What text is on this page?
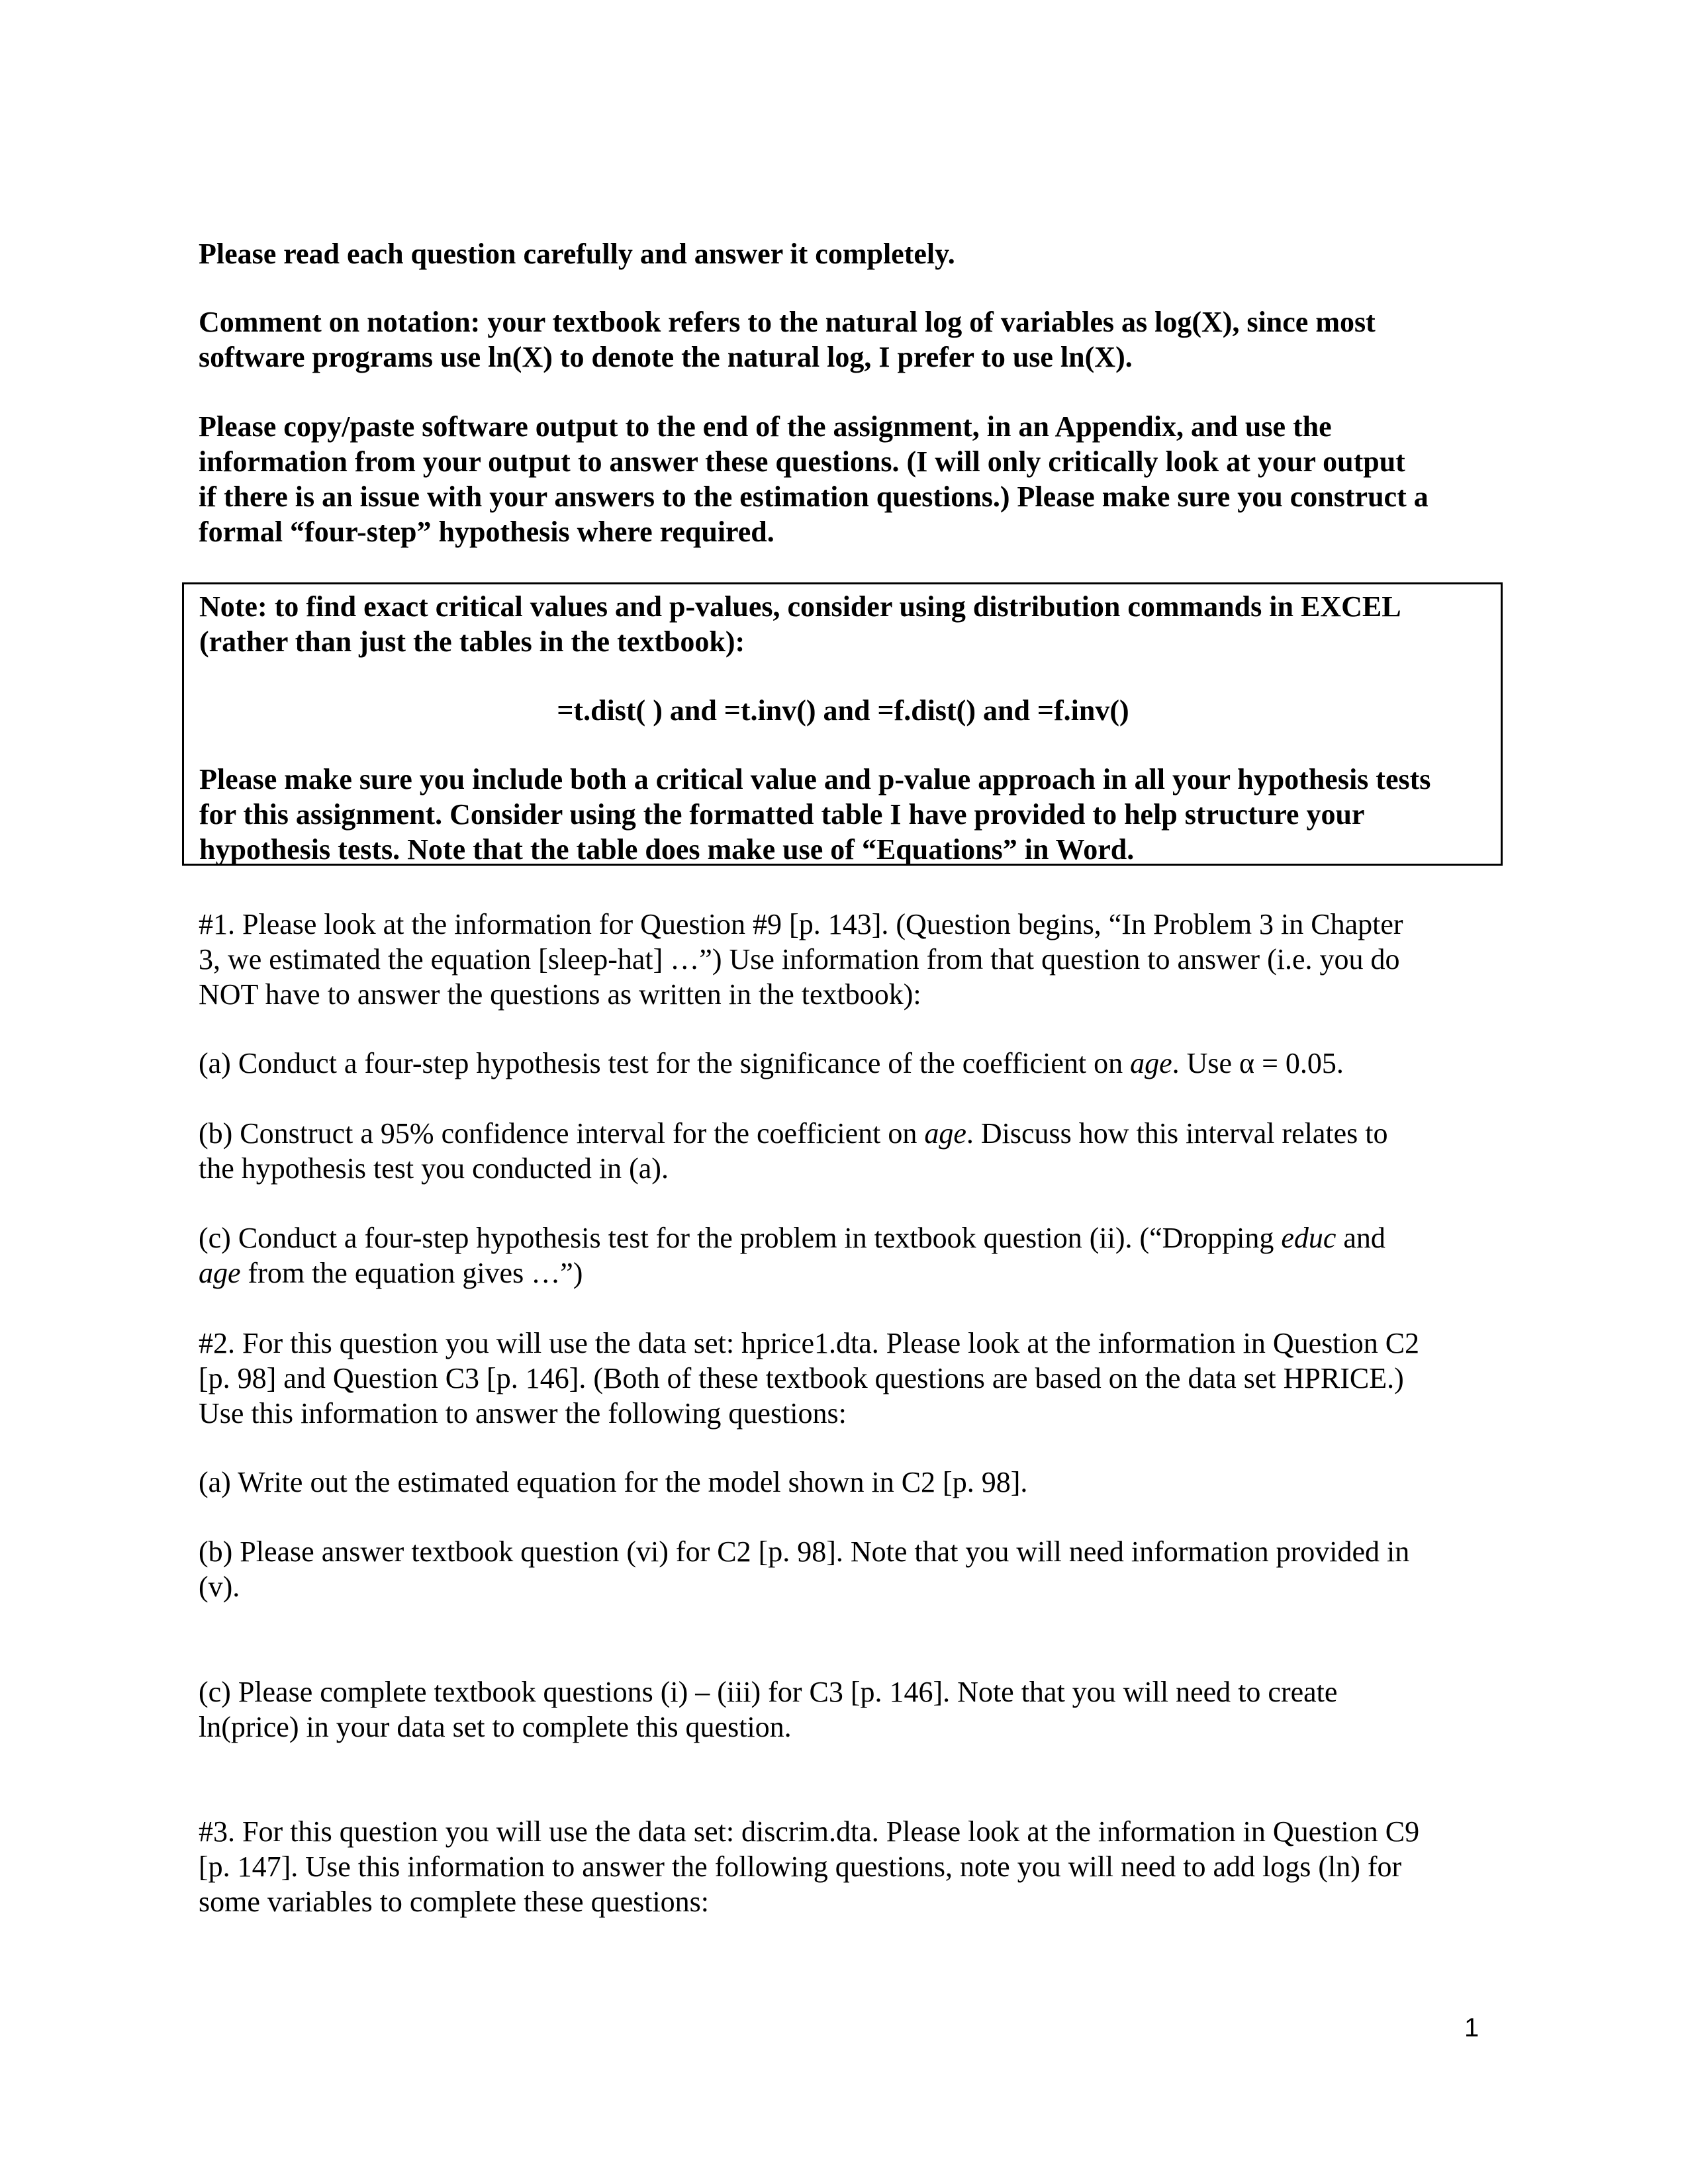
Please read each question carefully and answer it completely.

Comment on notation: your textbook refers to the natural log of variables as log(X), since most
software programs use ln(X) to denote the natural log, I prefer to use ln(X).

Please copy/paste software output to the end of the assignment, in an Appendix, and use the
information from your output to answer these questions. (I will only critically look at your output
if there is an issue with your answers to the estimation questions.) Please make sure you construct a
formal “four-step” hypothesis where required.

Note: to find exact critical values and p-values, consider using distribution commands in EXCEL
(rather than just the tables in the textbook):

=t.dist( ) and =t.inv() and =f.dist() and =f.inv()

Please make sure you include both a critical value and p-value approach in all your hypothesis tests
for this assignment. Consider using the formatted table I have provided to help structure your
hypothesis tests. Note that the table does make use of “Equations” in Word.

#1. Please look at the information for Question #9 [p. 143]. (Question begins, “In Problem 3 in Chapter
3, we estimated the equation [sleep-hat] …”) Use information from that question to answer (i.e. you do
NOT have to answer the questions as written in the textbook):

(a) Conduct a four-step hypothesis test for the significance of the coefficient on age. Use α = 0.05.

(b) Construct a 95% confidence interval for the coefficient on age. Discuss how this interval relates to
the hypothesis test you conducted in (a).

(c) Conduct a four-step hypothesis test for the problem in textbook question (ii). (“Dropping educ and
age from the equation gives …”)

#2. For this question you will use the data set: hprice1.dta. Please look at the information in Question C2
[p. 98] and Question C3 [p. 146]. (Both of these textbook questions are based on the data set HPRICE.)
Use this information to answer the following questions:

(a) Write out the estimated equation for the model shown in C2 [p. 98].

(b) Please answer textbook question (vi) for C2 [p. 98]. Note that you will need information provided in
(v).

(c) Please complete textbook questions (i) – (iii) for C3 [p. 146]. Note that you will need to create
ln(price) in your data set to complete this question.

#3. For this question you will use the data set: discrim.dta. Please look at the information in Question C9
[p. 147]. Use this information to answer the following questions, note you will need to add logs (ln) for
some variables to complete these questions:

1
